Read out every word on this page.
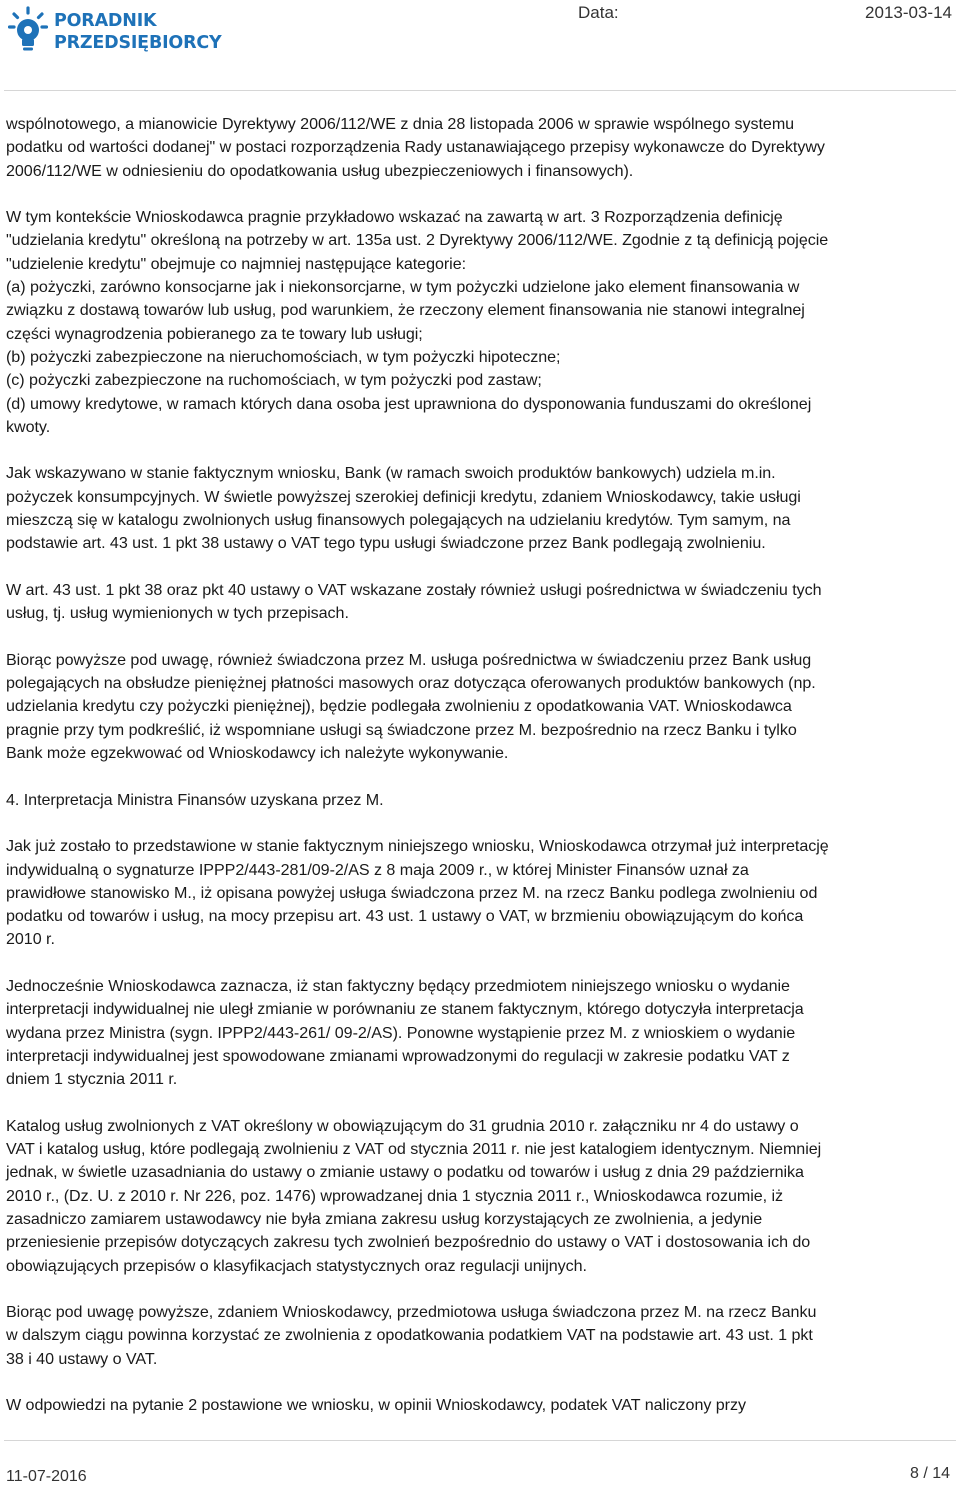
PORADNIK
PRZEDSIĘBIORCY
Data:	2013-03-14

wspólnotowego, a mianowicie Dyrektywy 2006/112/WE z dnia 28 listopada 2006 w sprawie wspólnego systemu
podatku od wartości dodanej" w postaci rozporządzenia Rady ustanawiającego przepisy wykonawcze do Dyrektywy
2006/112/WE w odniesieniu do opodatkowania usług ubezpieczeniowych i finansowych).

W tym kontekście Wnioskodawca pragnie przykładowo wskazać na zawartą w art. 3 Rozporządzenia definicję
"udzielania kredytu" określoną na potrzeby w art. 135a ust. 2 Dyrektywy 2006/112/WE. Zgodnie z tą definicją pojęcie
"udzielenie kredytu" obejmuje co najmniej następujące kategorie:
(a) pożyczki, zarówno konsocjarne jak i niekonsorcjarne, w tym pożyczki udzielone jako element finansowania w
związku z dostawą towarów lub usług, pod warunkiem, że rzeczony element finansowania nie stanowi integralnej
części wynagrodzenia pobieranego za te towary lub usługi;
(b) pożyczki zabezpieczone na nieruchomościach, w tym pożyczki hipoteczne;
(c) pożyczki zabezpieczone na ruchomościach, w tym pożyczki pod zastaw;
(d) umowy kredytowe, w ramach których dana osoba jest uprawniona do dysponowania funduszami do określonej
kwoty.

Jak wskazywano w stanie faktycznym wniosku, Bank (w ramach swoich produktów bankowych) udziela m.in.
pożyczek konsumpcyjnych. W świetle powyższej szerokiej definicji kredytu, zdaniem Wnioskodawcy, takie usługi
mieszczą się w katalogu zwolnionych usług finansowych polegających na udzielaniu kredytów. Tym samym, na
podstawie art. 43 ust. 1 pkt 38 ustawy o VAT tego typu usługi świadczone przez Bank podlegają zwolnieniu.

W art. 43 ust. 1 pkt 38 oraz pkt 40 ustawy o VAT wskazane zostały również usługi pośrednictwa w świadczeniu tych
usług, tj. usług wymienionych w tych przepisach.

Biorąc powyższe pod uwagę, również świadczona przez M. usługa pośrednictwa w świadczeniu przez Bank usług
polegających na obsłudze pieniężnej płatności masowych oraz dotycząca oferowanych produktów bankowych (np.
udzielania kredytu czy pożyczki pieniężnej), będzie podlegała zwolnieniu z opodatkowania VAT. Wnioskodawca
pragnie przy tym podkreślić, iż wspomniane usługi są świadczone przez M. bezpośrednio na rzecz Banku i tylko
Bank może egzekwować od Wnioskodawcy ich należyte wykonywanie.

4. Interpretacja Ministra Finansów uzyskana przez M.

Jak już zostało to przedstawione w stanie faktycznym niniejszego wniosku, Wnioskodawca otrzymał już interpretację
indywidualną o sygnaturze IPPP2/443-281/09-2/AS z 8 maja 2009 r., w której Minister Finansów uznał za
prawidłowe stanowisko M., iż opisana powyżej usługa świadczona przez M. na rzecz Banku podlega zwolnieniu od
podatku od towarów i usług, na mocy przepisu art. 43 ust. 1 ustawy o VAT, w brzmieniu obowiązującym do końca
2010 r.

Jednocześnie Wnioskodawca zaznacza, iż stan faktyczny będący przedmiotem niniejszego wniosku o wydanie
interpretacji indywidualnej nie uległ zmianie w porównaniu ze stanem faktycznym, którego dotyczyła interpretacja
wydana przez Ministra (sygn. IPPP2/443-261/ 09-2/AS). Ponowne wystąpienie przez M. z wnioskiem o wydanie
interpretacji indywidualnej jest spowodowane zmianami wprowadzonymi do regulacji w zakresie podatku VAT z
dniem 1 stycznia 2011 r.

Katalog usług zwolnionych z VAT określony w obowiązującym do 31 grudnia 2010 r. załączniku nr 4 do ustawy o
VAT i katalog usług, które podlegają zwolnieniu z VAT od stycznia 2011 r. nie jest katalogiem identycznym. Niemniej
jednak, w świetle uzasadniania do ustawy o zmianie ustawy o podatku od towarów i usług z dnia 29 października
2010 r., (Dz. U. z 2010 r. Nr 226, poz. 1476) wprowadzanej dnia 1 stycznia 2011 r., Wnioskodawca rozumie, iż
zasadniczo zamiarem ustawodawcy nie była zmiana zakresu usług korzystających ze zwolnienia, a jedynie
przeniesienie przepisów dotyczących zakresu tych zwolnień bezpośrednio do ustawy o VAT i dostosowania ich do
obowiązujących przepisów o klasyfikacjach statystycznych oraz regulacji unijnych.

Biorąc pod uwagę powyższe, zdaniem Wnioskodawcy, przedmiotowa usługa świadczona przez M. na rzecz Banku
w dalszym ciągu powinna korzystać ze zwolnienia z opodatkowania podatkiem VAT na podstawie art. 43 ust. 1 pkt
38 i 40 ustawy o VAT.

W odpowiedzi na pytanie 2 postawione we wniosku, w opinii Wnioskodawcy, podatek VAT naliczony przy

11-07-2016	8 / 14
